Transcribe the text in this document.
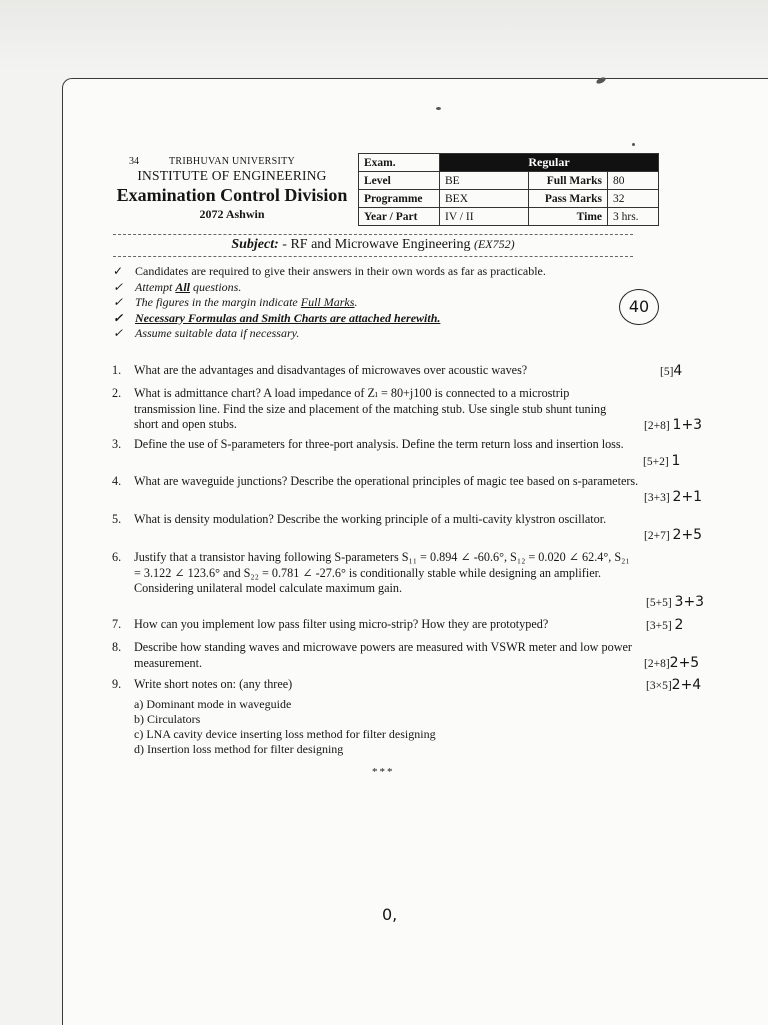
34	TRIBHUVAN UNIVERSITY
INSTITUTE OF ENGINEERING
Examination Control Division
2072 Ashwin
Exam.	Regular		
Level	BE	Full Marks	80
Programme	BEX	Pass Marks	32
Year / Part	IV / II	Time	3 hrs.
Subject: - RF and Microwave Engineering (EX752)
✓ Candidates are required to give their answers in their own words as far as practicable.
✓ Attempt All questions.
✓ The figures in the margin indicate Full Marks.
✓ Necessary Formulas and Smith Charts are attached herewith.
✓ Assume suitable data if necessary.
40
1. What are the advantages and disadvantages of microwaves over acoustic waves?	[5]4
2. What is admittance chart? A load impedance of Zₗ = 80+j100 is connected to a microstrip transmission line. Find the size and placement of the matching stub. Use single stub shunt tuning short and open stubs.	[2+8] 1+3
3. Define the use of S-parameters for three-port analysis. Define the term return loss and insertion loss.
[5+2] 1
4. What are waveguide junctions? Describe the operational principles of magic tee based on s-parameters.
[3+3] 2+1
5. What is density modulation? Describe the working principle of a multi-cavity klystron oscillator.
[2+7] 2+5
6. Justify that a transistor having following S-parameters S₁₁ = 0.894 ∠ -60.6°, S₁₂ = 0.020 ∠ 62.4°, S₂₁ = 3.122 ∠ 123.6° and S₂₂ = 0.781 ∠ -27.6° is conditionally stable while designing an amplifier. Considering unilateral model calculate maximum gain.
[5+5] 3+3
7. How can you implement low pass filter using micro-strip? How they are prototyped?	[3+5] 2
8. Describe how standing waves and microwave powers are measured with VSWR meter and low power measurement.	[2+8]2+5
9. Write short notes on: (any three)	[3×5]2+4
a) Dominant mode in waveguide
b) Circulators
c) LNA cavity device inserting loss method for filter designing
d) Insertion loss method for filter designing
***
0,
